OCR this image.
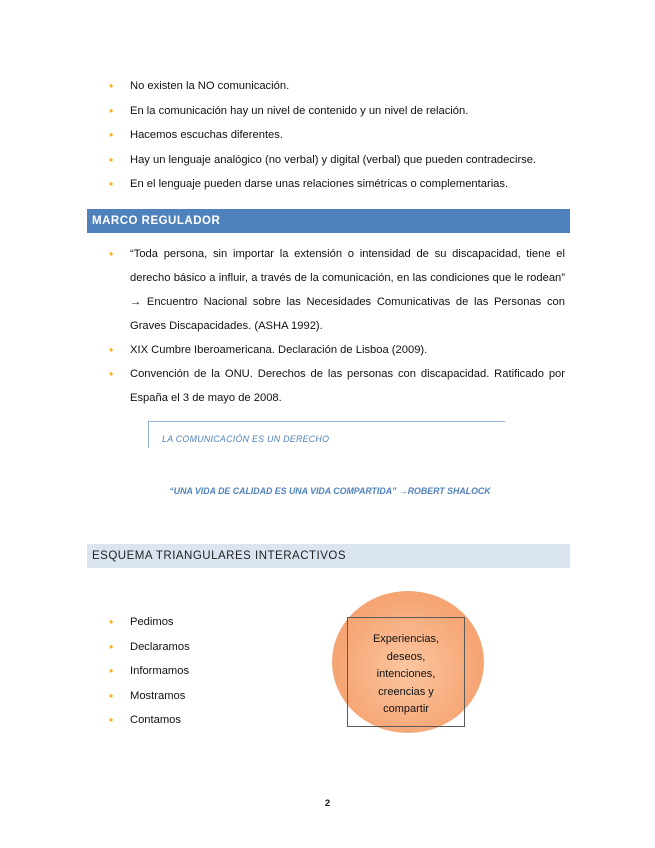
• No existen la NO comunicación.
• En la comunicación hay un nivel de contenido y un nivel de relación.
• Hacemos escuchas diferentes.
• Hay un lenguaje analógico (no verbal) y digital (verbal) que pueden contradecirse.
• En el lenguaje pueden darse unas relaciones simétricas o complementarias.
MARCO REGULADOR
• “Toda persona, sin importar la extensión o intensidad de su discapacidad, tiene el derecho básico a influir, a través de la comunicación, en las condiciones que le rodean” → Encuentro Nacional sobre las Necesidades Comunicativas de las Personas con Graves Discapacidades. (ASHA 1992).
• XIX Cumbre Iberoamericana. Declaración de Lisboa (2009).
• Convención de la ONU. Derechos de las personas con discapacidad. Ratificado por España el 3 de mayo de 2008.
LA COMUNICACIÓN ES UN DERECHO
“UNA VIDA DE CALIDAD ES UNA VIDA COMPARTIDA” →ROBERT SHALOCK
ESQUEMA TRIANGULARES INTERACTIVOS
• Pedimos
• Declaramos
• Informamos
• Mostramos
• Contamos
Experiencias,
deseos,
intenciones,
creencias y
compartir
2
